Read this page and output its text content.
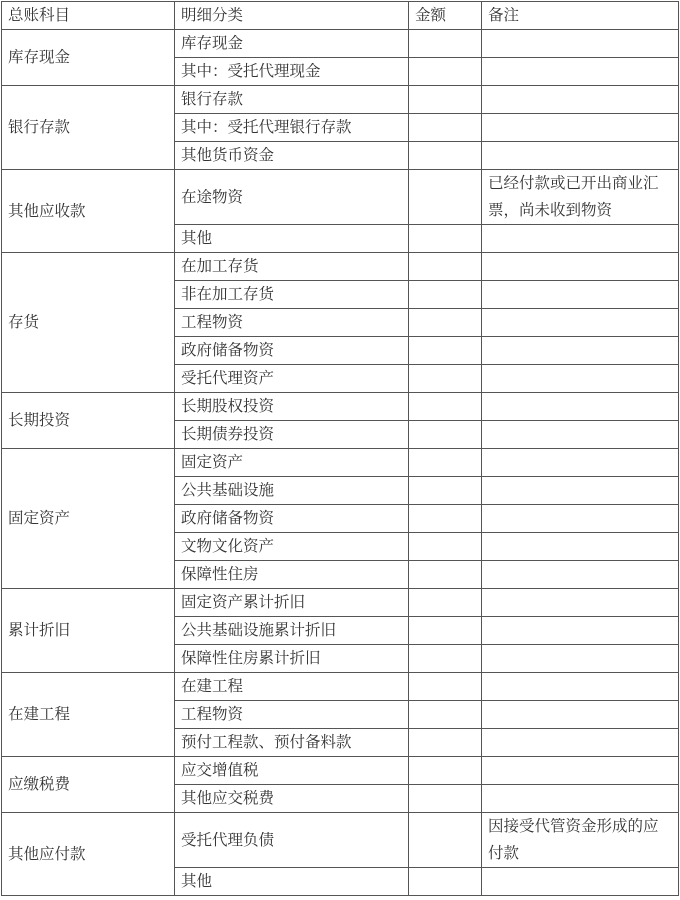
总账科目	明细分类	金额	备注
库存现金	库存现金		
	其中：受托代理现金		
银行存款	银行存款		
	其中：受托代理银行存款		
	其他货币资金		
其他应收款	在途物资		已经付款或已开出商业汇票，尚未收到物资
	其他		
存货	在加工存货		
	非在加工存货		
	工程物资		
	政府储备物资		
	受托代理资产		
长期投资	长期股权投资		
	长期债券投资		
固定资产	固定资产		
	公共基础设施		
	政府储备物资		
	文物文化资产		
	保障性住房		
累计折旧	固定资产累计折旧		
	公共基础设施累计折旧		
	保障性住房累计折旧		
在建工程	在建工程		
	工程物资		
	预付工程款、预付备料款		
应缴税费	应交增值税		
	其他应交税费		
其他应付款	受托代理负债		因接受代管资金形成的应付款
	其他		
